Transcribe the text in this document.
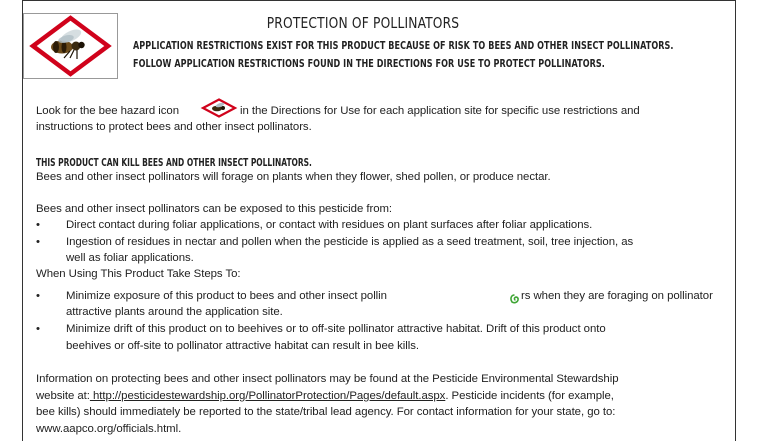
PROTECTION OF POLLINATORS
APPLICATION RESTRICTIONS EXIST FOR THIS PRODUCT BECAUSE OF RISK TO BEES AND OTHER INSECT POLLINATORS.
FOLLOW APPLICATION RESTRICTIONS FOUND IN THE DIRECTIONS FOR USE TO PROTECT POLLINATORS.
Look for the bee hazard icon	in the Directions for Use for each application site for specific use restrictions and
instructions to protect bees and other insect pollinators.
THIS PRODUCT CAN KILL BEES AND OTHER INSECT POLLINATORS.
Bees and other insect pollinators will forage on plants when they flower, shed pollen, or produce nectar.
Bees and other insect pollinators can be exposed to this pesticide from:
• Direct contact during foliar applications, or contact with residues on plant surfaces after foliar applications.
• Ingestion of residues in nectar and pollen when the pesticide is applied as a seed treatment, soil, tree injection, as
well as foliar applications.
When Using This Product Take Steps To:
• Minimize exposure of this product to bees and other insect pollin	rs when they are foraging on pollinator
attractive plants around the application site.
• Minimize drift of this product on to beehives or to off-site pollinator attractive habitat. Drift of this product onto
beehives or off-site to pollinator attractive habitat can result in bee kills.
Information on protecting bees and other insect pollinators may be found at the Pesticide Environmental Stewardship
website at: http://pesticidestewardship.org/PollinatorProtection/Pages/default.aspx. Pesticide incidents (for example,
bee kills) should immediately be reported to the state/tribal lead agency. For contact information for your state, go to:
www.aapco.org/officials.html.
